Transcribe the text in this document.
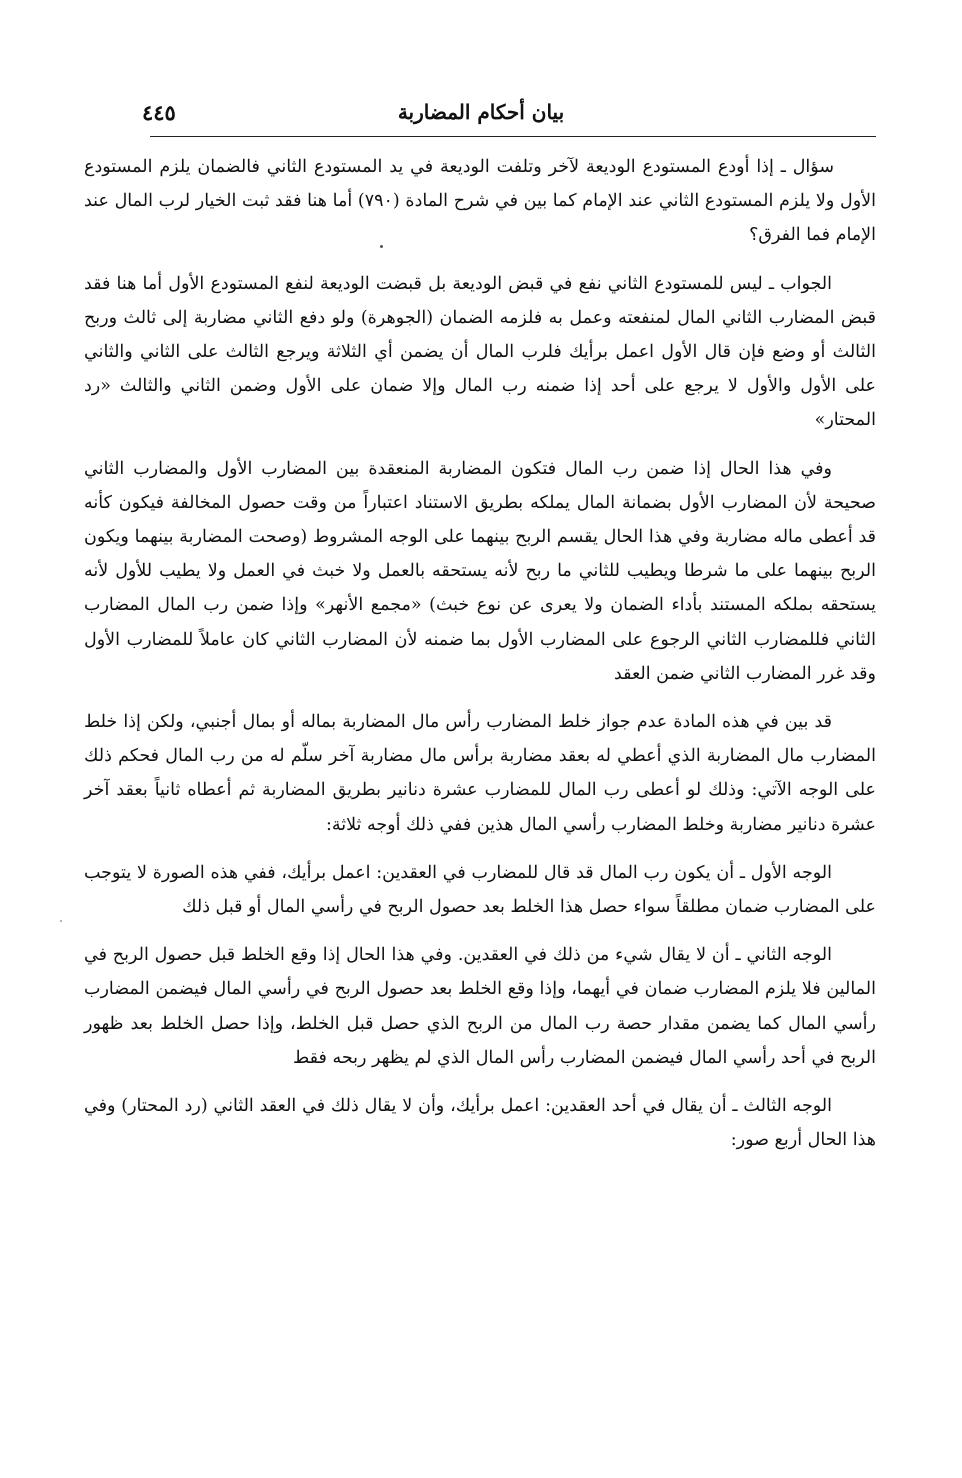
بيان أحكام المضاربة
٤٤٥

سؤال ـ إذا أودع المستودع الوديعة لآخر وتلفت الوديعة في يد المستودع الثاني فالضمان يلزم المستودع الأول ولا يلزم المستودع الثاني عند الإمام كما بين في شرح المادة (٧٩٠) أما هنا فقد ثبت الخيار لرب المال عند الإمام فما الفرق؟

الجواب ـ ليس للمستودع الثاني نفع في قبض الوديعة بل قبضت الوديعة لنفع المستودع الأول أما هنا فقد قبض المضارب الثاني المال لمنفعته وعمل به فلزمه الضمان (الجوهرة) ولو دفع الثاني مضاربة إلى ثالث وربح الثالث أو وضع فإن قال الأول اعمل برأيك فلرب المال أن يضمن أي الثلاثة ويرجع الثالث على الثاني والثاني على الأول والأول لا يرجع على أحد إذا ضمنه رب المال وإلا ضمان على الأول وضمن الثاني والثالث «رد المحتار»

وفي هذا الحال إذا ضمن رب المال فتكون المضاربة المنعقدة بين المضارب الأول والمضارب الثاني صحيحة لأن المضارب الأول بضمانة المال يملكه بطريق الاستناد اعتباراً من وقت حصول المخالفة فيكون كأنه قد أعطى ماله مضاربة وفي هذا الحال يقسم الربح بينهما على الوجه المشروط (وصحت المضاربة بينهما ويكون الربح بينهما على ما شرطا ويطيب للثاني ما ربح لأنه يستحقه بالعمل ولا خبث في العمل ولا يطيب للأول لأنه يستحقه بملكه المستند بأداء الضمان ولا يعرى عن نوع خبث) «مجمع الأنهر» وإذا ضمن رب المال المضارب الثاني فللمضارب الثاني الرجوع على المضارب الأول بما ضمنه لأن المضارب الثاني كان عاملاً للمضارب الأول وقد غرر المضارب الثاني ضمن العقد

قد بين في هذه المادة عدم جواز خلط المضارب رأس مال المضاربة بماله أو بمال أجنبي، ولكن إذا خلط المضارب مال المضاربة الذي أعطي له بعقد مضاربة برأس مال مضاربة آخر سلّم له من رب المال فحكم ذلك على الوجه الآتي: وذلك لو أعطى رب المال للمضارب عشرة دنانير بطريق المضاربة ثم أعطاه ثانياً بعقد آخر عشرة دنانير مضاربة وخلط المضارب رأسي المال هذين ففي ذلك أوجه ثلاثة:

الوجه الأول ـ أن يكون رب المال قد قال للمضارب في العقدين: اعمل برأيك، ففي هذه الصورة لا يتوجب على المضارب ضمان مطلقاً سواء حصل هذا الخلط بعد حصول الربح في رأسي المال أو قبل ذلك

الوجه الثاني ـ أن لا يقال شيء من ذلك في العقدين. وفي هذا الحال إذا وقع الخلط قبل حصول الربح في المالين فلا يلزم المضارب ضمان في أيهما، وإذا وقع الخلط بعد حصول الربح في رأسي المال فيضمن المضارب رأسي المال كما يضمن مقدار حصة رب المال من الربح الذي حصل قبل الخلط، وإذا حصل الخلط بعد ظهور الربح في أحد رأسي المال فيضمن المضارب رأس المال الذي لم يظهر ربحه فقط

الوجه الثالث ـ أن يقال في أحد العقدين: اعمل برأيك، وأن لا يقال ذلك في العقد الثاني (رد المحتار) وفي هذا الحال أربع صور:
